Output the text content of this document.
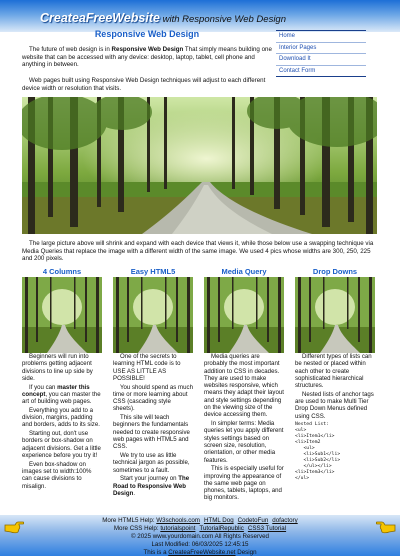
CreateaFreeWebsite with Responsive Web Design
Responsive Web Design

The future of web design is in Responsive Web Design That simply means building one website that can be accessed with any device: desktop, laptop, tablet, cell phone and anything in between.

Web pages built using Responsive Web Design techniques will adjust to each different device width or resolution that visits.

Home
Interior Pages
Download It
Contact Form

The large picture above will shrink and expand with each device that views it, while those below use a swapping technique via Media Queries that replace the image with a different width of the same image. We used 4 pics whose widths are 300, 250, 225 and 200 pixels.

4 Columns

Beginners will run into problems getting adjacent divisions to line up side by side.

If you can master this concept, you can master the art of building web pages.

Everything you add to a division, margins, padding and borders, adds to its size.

Starting out, don't use borders or box-shadow on adjacent divisions. Get a little experience before you try it!

Even box-shadow on images set to width:100% can cause divisions to misalign.

Easy HTML5

One of the secrets to learning HTML code is to USE AS LITTLE AS POSSIBLE!

You should spend as much time or more learning about CSS (cascading style sheets).

This site will teach beginners the fundamentals needed to create responsive web pages with HTML5 and CSS.

We try to use as little technical jargon as possible, sometimes to a fault.

Start your journey on The Road to Responsive Web Design.

Media Query

Media queries are probably the most important addition to CSS in decades. They are used to make websites responsive, which means they adapt their layout and style settings depending on the viewing size of the device accessing them.

In simpler terms: Media queries let you apply different styles settings based on screen size, resolution, orientation, or other media features.

This is especially useful for improving the appearance of the same web page on phones, tablets, laptops, and big monitors.

Drop Downs

Different types of lists can be nested or placed within each other to create sophisticated hierarchical structures.

Nested lists of anchor tags are used to make Multi Tier Drop Down Menus defined using CSS.

Nested List:
<ul>
<li>Item1</li>
<li>Item2
<ul>
<li>Sub1</li>
<li>Sub2</li>
</ul></li>
<li>Item3</li>
</ul>
More HTML5 Help: W3schools.com HTML Dog CodetoFun dofactory
More CSS Help: tutorialspoint TutorialRepublic CSS3 Tutorial
© 2025 www.yourdomain.com All Rights Reserved
Last Modified: 06/03/2025 12:45:15
This is a CreateaFreeWebsite.net Design
